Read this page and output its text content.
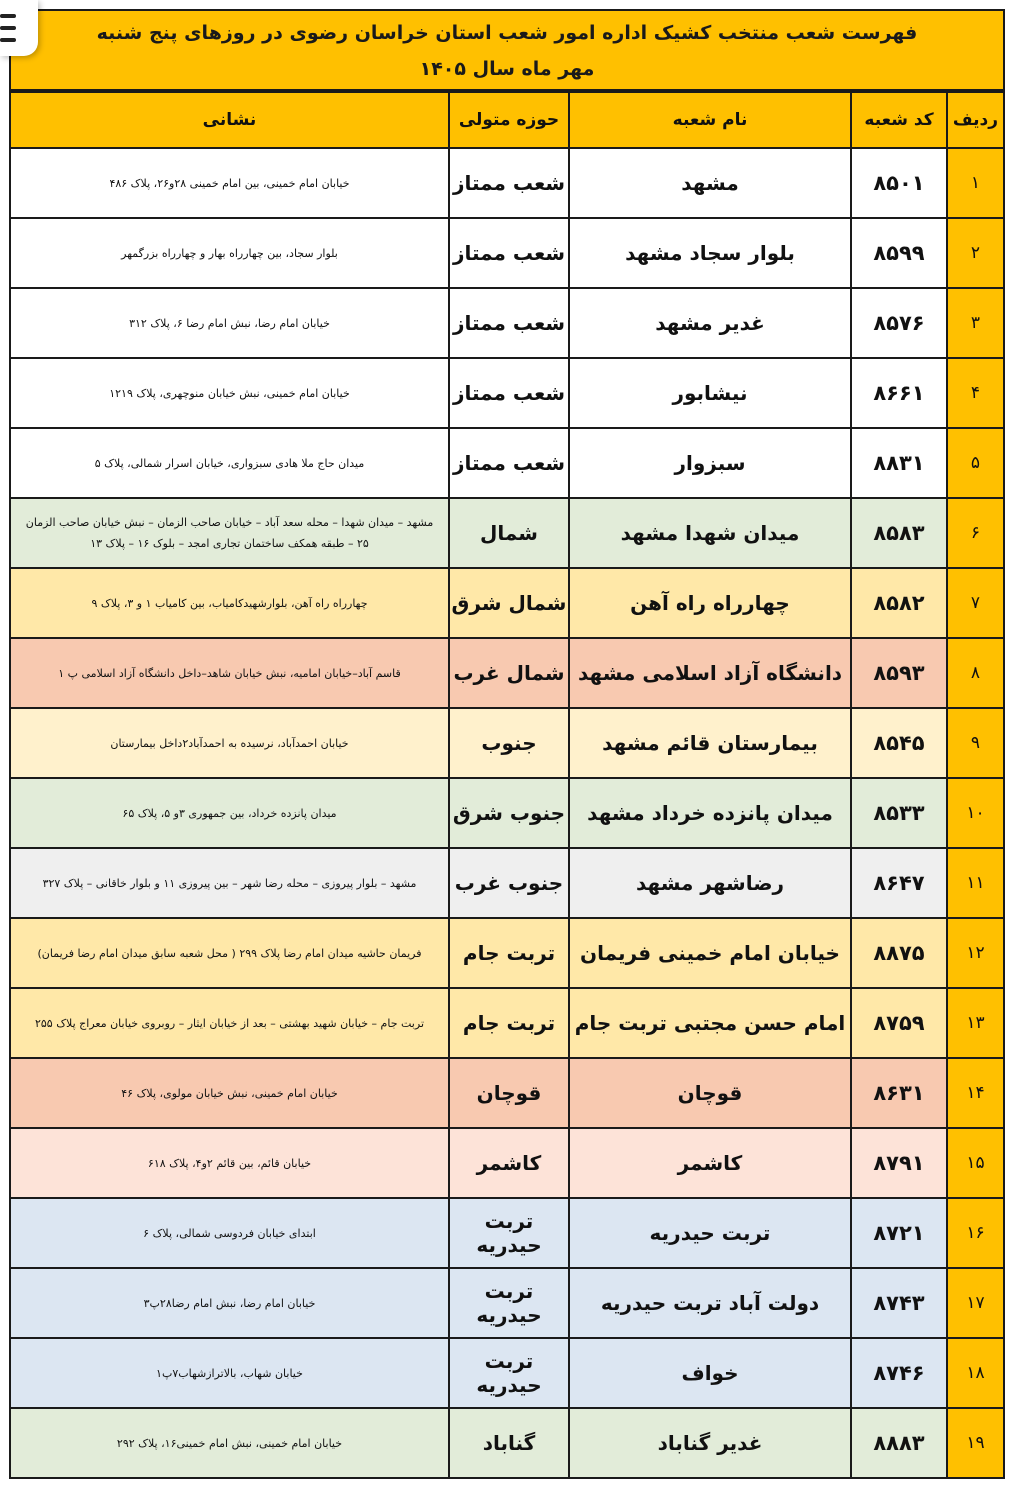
فهرست شعب منتخب کشیک اداره امور شعب استان خراسان رضوی در روزهای پنج شنبه
مهر ماه سال ۱۴۰۵
ردیف	کد شعبه	نام شعبه	حوزه متولی	نشانی
۱	۸۵۰۱	مشهد	شعب ممتاز	خیابان امام خمینی، بین امام خمینی ۲۸و۲۶، پلاک ۴۸۶
۲	۸۵۹۹	بلوار سجاد مشهد	شعب ممتاز	بلوار سجاد، بین چهارراه بهار و چهارراه بزرگمهر
۳	۸۵۷۶	غدیر مشهد	شعب ممتاز	خیابان امام رضا، نبش امام رضا ۶، پلاک ۳۱۲
۴	۸۶۶۱	نیشابور	شعب ممتاز	خیابان امام خمینی، نبش خیابان منوچهری، پلاک ۱۲۱۹
۵	۸۸۳۱	سبزوار	شعب ممتاز	میدان حاج ملا هادی سبزواری، خیابان اسرار شمالی، پلاک ۵
۶	۸۵۸۳	میدان شهدا مشهد	شمال	مشهد – میدان شهدا – محله سعد آباد – خیابان صاحب الزمان – نبش خیابان صاحب الزمان ۲۵ – طبقه همکف ساختمان تجاری امجد – بلوک ۱۶ – پلاک ۱۳
۷	۸۵۸۲	چهارراه راه آهن	شمال شرق	چهارراه راه آهن، بلوارشهیدکامیاب، بین کامیاب ۱ و ۳، پلاک ۹
۸	۸۵۹۳	دانشگاه آزاد اسلامی مشهد	شمال غرب	قاسم آباد–خیابان امامیه، نبش خیابان شاهد–داخل دانشگاه آزاد اسلامی پ ۱
۹	۸۵۴۵	بیمارستان قائم مشهد	جنوب	خیابان احمدآباد، نرسیده به احمدآباد۲داخل بیمارستان
۱۰	۸۵۳۳	میدان پانزده خرداد مشهد	جنوب شرق	میدان پانزده خرداد، بین جمهوری ۳و ۵، پلاک ۶۵
۱۱	۸۶۴۷	رضاشهر مشهد	جنوب غرب	مشهد – بلوار پیروزی – محله رضا شهر – بین پیروزی ۱۱ و بلوار خاقانی – پلاک ۳۲۷
۱۲	۸۸۷۵	خیابان امام خمینی فریمان	تربت جام	فریمان حاشیه میدان امام رضا پلاک ۲۹۹ ( محل شعبه سابق میدان امام رضا فریمان)
۱۳	۸۷۵۹	امام حسن مجتبی تربت جام	تربت جام	تربت جام – خیابان شهید بهشتی – بعد از خیابان ایثار – روبروی خیابان معراج پلاک ۲۵۵
۱۴	۸۶۳۱	قوچان	قوچان	خیابان امام خمینی، نبش خیابان مولوی، پلاک ۴۶
۱۵	۸۷۹۱	کاشمر	کاشمر	خیابان قائم، بین قائم ۲و۴، پلاک ۶۱۸
۱۶	۸۷۲۱	تربت حیدریه	تربت حیدریه	ابتدای خیابان فردوسی شمالی، پلاک ۶
۱۷	۸۷۴۳	دولت آباد تربت حیدریه	تربت حیدریه	خیابان امام رضا، نبش امام رضا۲۸پ۳
۱۸	۸۷۴۶	خواف	تربت حیدریه	خیابان شهاب، بالاترازشهاب۷پ۱
۱۹	۸۸۸۳	غدیر گناباد	گناباد	خیابان امام خمینی، نبش امام خمینی۱۶، پلاک ۲۹۲
